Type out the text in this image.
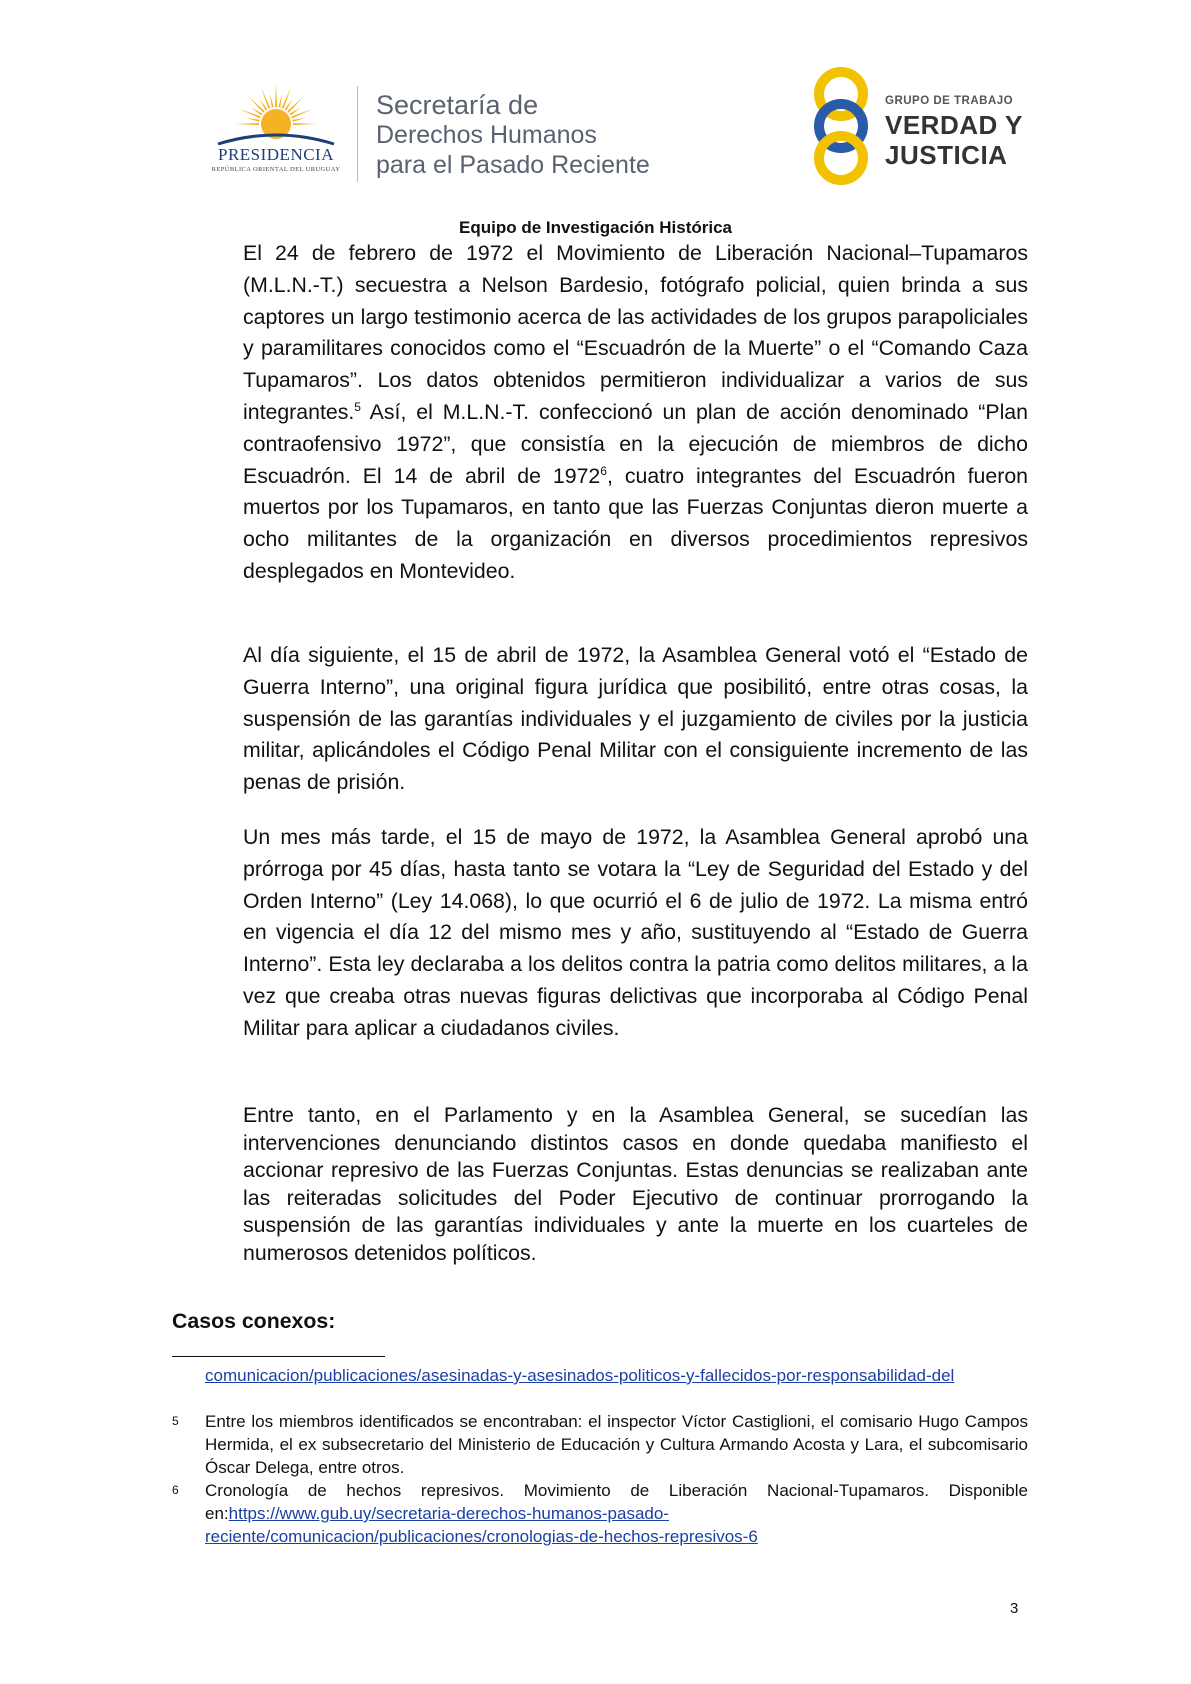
PRESIDENCIA
REPÚBLICA ORIENTAL DEL URUGUAY
Secretaría de
Derechos Humanos
para el Pasado Reciente
GRUPO DE TRABAJO
VERDAD Y
JUSTICIA
Equipo de Investigación Histórica

El 24 de febrero de 1972 el Movimiento de Liberación Nacional–Tupamaros (M.L.N.-T.) secuestra a Nelson Bardesio, fotógrafo policial, quien brinda a sus captores un largo testimonio acerca de las actividades de los grupos parapoliciales y paramilitares conocidos como el “Escuadrón de la Muerte” o el “Comando Caza Tupamaros”. Los datos obtenidos permitieron individualizar a varios de sus integrantes.$^5$ Así, el M.L.N.-T. confeccionó un plan de acción denominado “Plan contraofensivo 1972”, que consistía en la ejecución de miembros de dicho Escuadrón. El 14 de abril de 1972$^6$, cuatro integrantes del Escuadrón fueron muertos por los Tupamaros, en tanto que las Fuerzas Conjuntas dieron muerte a ocho militantes de la organización en diversos procedimientos represivos desplegados en Montevideo.

Al día siguiente, el 15 de abril de 1972, la Asamblea General votó el “Estado de Guerra Interno”, una original figura jurídica que posibilitó, entre otras cosas, la suspensión de las garantías individuales y el juzgamiento de civiles por la justicia militar, aplicándoles el Código Penal Militar con el consiguiente incremento de las penas de prisión.

Un mes más tarde, el 15 de mayo de 1972, la Asamblea General aprobó una prórroga por 45 días, hasta tanto se votara la “Ley de Seguridad del Estado y del Orden Interno” (Ley 14.068), lo que ocurrió el 6 de julio de 1972. La misma entró en vigencia el día 12 del mismo mes y año, sustituyendo al “Estado de Guerra Interno”. Esta ley declaraba a los delitos contra la patria como delitos militares, a la vez que creaba otras nuevas figuras delictivas que incorporaba al Código Penal Militar para aplicar a ciudadanos civiles.

Entre tanto, en el Parlamento y en la Asamblea General, se sucedían las intervenciones denunciando distintos casos en donde quedaba manifiesto el accionar represivo de las Fuerzas Conjuntas. Estas denuncias se realizaban ante las reiteradas solicitudes del Poder Ejecutivo de continuar prorrogando la suspensión de las garantías individuales y ante la muerte en los cuarteles de numerosos detenidos políticos.

Casos conexos:
comunicacion/publicaciones/asesinadas-y-asesinados-politicos-y-fallecidos-por-responsabilidad-del
5 Entre los miembros identificados se encontraban: el inspector Víctor Castiglioni, el comisario Hugo Campos Hermida, el ex subsecretario del Ministerio de Educación y Cultura Armando Acosta y Lara, el subcomisario Óscar Delega, entre otros.
6 Cronología de hechos represivos. Movimiento de Liberación Nacional-Tupamaros. Disponible en:https://www.gub.uy/secretaria-derechos-humanos-pasado-reciente/comunicacion/publicaciones/cronologias-de-hechos-represivos-6
3
